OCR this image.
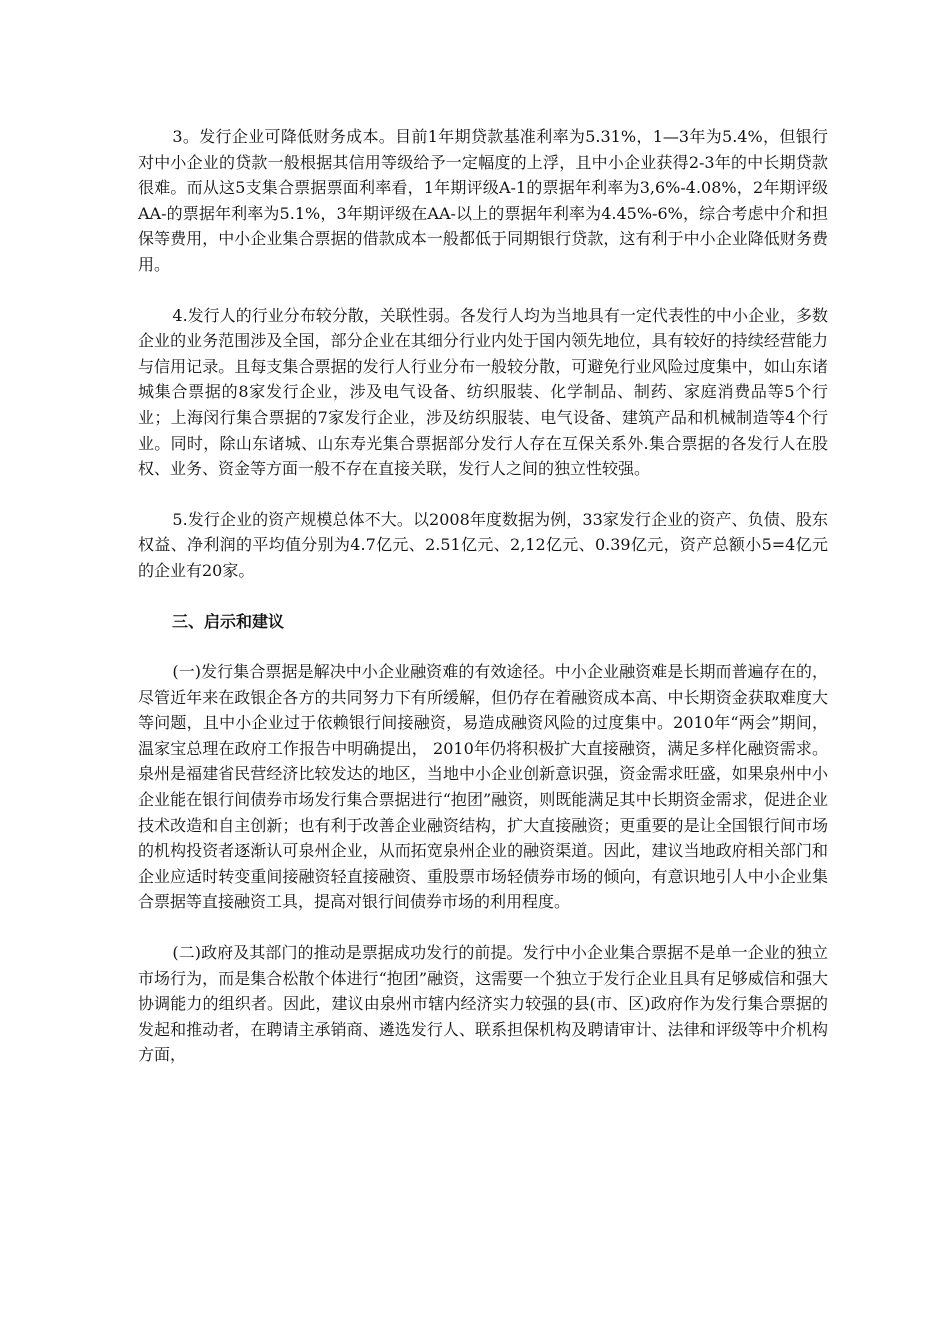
3。发行企业可降低财务成本。目前1年期贷款基准利率为5.31%，1—3年为5.4%，但银行对中小企业的贷款一般根据其信用等级给予一定幅度的上浮，且中小企业获得2-3年的中长期贷款很难。而从这5支集合票据票面利率看，1年期评级A-1的票据年利率为3,6%-4.08%，2年期评级AA-的票据年利率为5.1%，3年期评级在AA-以上的票据年利率为4.45%-6%，综合考虑中介和担保等费用，中小企业集合票据的借款成本一般都低于同期银行贷款，这有利于中小企业降低财务费用。

4.发行人的行业分布较分散，关联性弱。各发行人均为当地具有一定代表性的中小企业，多数企业的业务范围涉及全国，部分企业在其细分行业内处于国内领先地位，具有较好的持续经营能力与信用记录。且每支集合票据的发行人行业分布一般较分散，可避免行业风险过度集中，如山东诸城集合票据的8家发行企业，涉及电气设备、纺织服装、化学制品、制药、家庭消费品等5个行业；上海闵行集合票据的7家发行企业，涉及纺织服装、电气设备、建筑产品和机械制造等4个行业。同时，除山东诸城、山东寿光集合票据部分发行人存在互保关系外.集合票据的各发行人在股权、业务、资金等方面一般不存在直接关联，发行人之间的独立性较强。

5.发行企业的资产规模总体不大。以2008年度数据为例，33家发行企业的资产、负债、股东权益、净利润的平均值分别为4.7亿元、2.51亿元、2,12亿元、0.39亿元，资产总额小5=4亿元的企业有20家。

三、启示和建议

(一)发行集合票据是解决中小企业融资难的有效途径。中小企业融资难是长期而普遍存在的，尽管近年来在政银企各方的共同努力下有所缓解，但仍存在着融资成本高、中长期资金获取难度大等问题，且中小企业过于依赖银行间接融资，易造成融资风险的过度集中。2010年“两会”期间，温家宝总理在政府工作报告中明确提出， 2010年仍将积极扩大直接融资，满足多样化融资需求。泉州是福建省民营经济比较发达的地区，当地中小企业创新意识强，资金需求旺盛，如果泉州中小企业能在银行间债券市场发行集合票据进行“抱团”融资，则既能满足其中长期资金需求，促进企业技术改造和自主创新；也有利于改善企业融资结构，扩大直接融资；更重要的是让全国银行间市场的机构投资者逐渐认可泉州企业，从而拓宽泉州企业的融资渠道。因此，建议当地政府相关部门和企业应适时转变重间接融资轻直接融资、重股票市场轻债券市场的倾向，有意识地引人中小企业集合票据等直接融资工具，提高对银行间债券市场的利用程度。

(二)政府及其部门的推动是票据成功发行的前提。发行中小企业集合票据不是单一企业的独立市场行为，而是集合松散个体进行“抱团”融资，这需要一个独立于发行企业且具有足够威信和强大协调能力的组织者。因此，建议由泉州市辖内经济实力较强的县(市、区)政府作为发行集合票据的发起和推动者，在聘请主承销商、遴选发行人、联系担保机构及聘请审计、法律和评级等中介机构方面，
